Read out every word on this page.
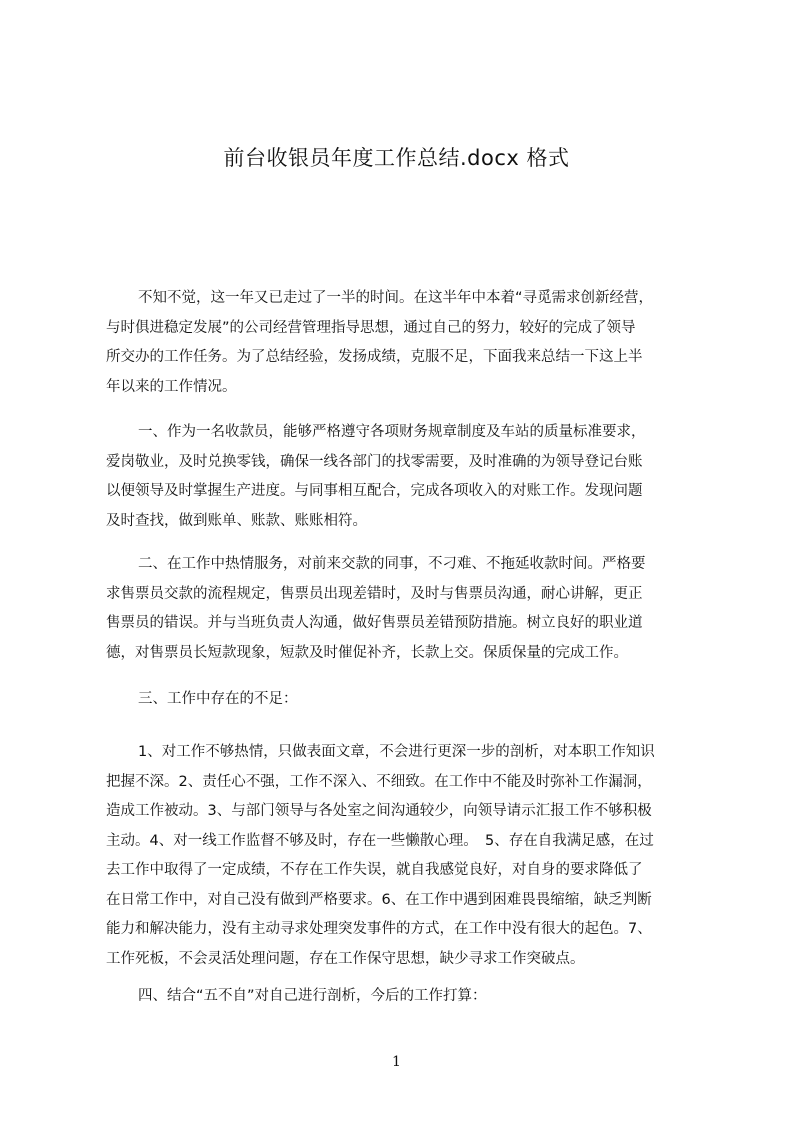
前台收银员年度工作总结.docx 格式
不知不觉，这一年又已走过了一半的时间。在这半年中本着“寻觅需求创新经营，
与时俱进稳定发展”的公司经营管理指导思想，通过自己的努力，较好的完成了领导
所交办的工作任务。为了总结经验，发扬成绩，克服不足，下面我来总结一下这上半
年以来的工作情况。
一、作为一名收款员，能够严格遵守各项财务规章制度及车站的质量标准要求，
爱岗敬业，及时兑换零钱，确保一线各部门的找零需要，及时准确的为领导登记台账
以便领导及时掌握生产进度。与同事相互配合，完成各项收入的对账工作。发现问题
及时查找，做到账单、账款、账账相符。
二、在工作中热情服务，对前来交款的同事，不刁难、不拖延收款时间。严格要
求售票员交款的流程规定，售票员出现差错时，及时与售票员沟通，耐心讲解，更正
售票员的错误。并与当班负责人沟通，做好售票员差错预防措施。树立良好的职业道
德，对售票员长短款现象，短款及时催促补齐，长款上交。保质保量的完成工作。
三、工作中存在的不足：
1、对工作不够热情，只做表面文章，不会进行更深一步的剖析，对本职工作知识
把握不深。2、责任心不强，工作不深入、不细致。在工作中不能及时弥补工作漏洞，
造成工作被动。3、与部门领导与各处室之间沟通较少，向领导请示汇报工作不够积极
主动。4、对一线工作监督不够及时，存在一些懒散心理。　5、存在自我满足感，在过
去工作中取得了一定成绩，不存在工作失误，就自我感觉良好，对自身的要求降低了
在日常工作中，对自己没有做到严格要求。6、在工作中遇到困难畏畏缩缩，缺乏判断
能力和解决能力，没有主动寻求处理突发事件的方式，在工作中没有很大的起色。7、
工作死板，不会灵活处理问题，存在工作保守思想，缺少寻求工作突破点。
四、结合“五不自”对自己进行剖析，今后的工作打算：
1
